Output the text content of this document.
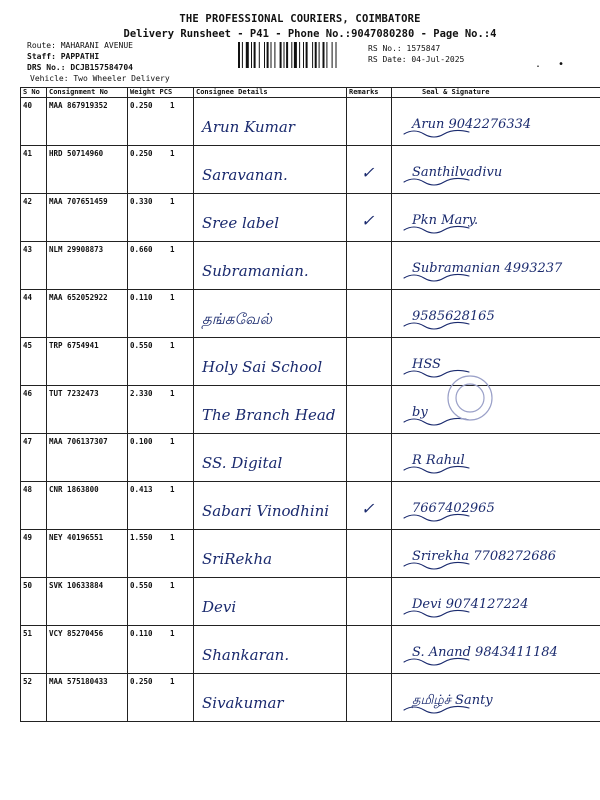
THE PROFESSIONAL COURIERS, COIMBATORE
Delivery Runsheet - P41 - Phone No.:9047080280 - Page No.:4
Route: MAHARANI AVENUE
Staff: PAPPATHI
DRS No.: DCJB157584704
Vehicle: Two Wheeler Delivery
RS No.: 1575847
RS Date: 04-Jul-2025	. •
S No	Consignment No	Weight PCS	Consignee Details	Remarks	Seal & Signature
40	MAA 867919352	0.250 1	Arun Kumar		Arun 9042276334

41	HRD 50714960	0.250 1	Saravanan.	✓	Santhilvadivu

42	MAA 707651459	0.330 1	Sree label	✓	Pkn Mary.

43	NLM 29908873	0.660 1	Subramanian.		Subramanian 4993237

44	MAA 652052922	0.110 1	தங்கவேல்		9585628165

45	TRP 6754941	0.550 1	Holy Sai School		HSS

46	TUT 7232473	2.330 1	The Branch Head		by

47	MAA 706137307	0.100 1	SS. Digital		R Rahul

48	CNR 1863800	0.413 1	Sabari Vinodhini	✓	7667402965

49	NEY 40196551	1.550 1	SriRekha		Srirekha 7708272686

50	SVK 10633884	0.550 1	Devi		Devi 9074127224

51	VCY 85270456	0.110 1	Shankaran.		S. Anand 9843411184

52	MAA 575180433	0.250 1	Sivakumar		தமிழ்ச் Santy
